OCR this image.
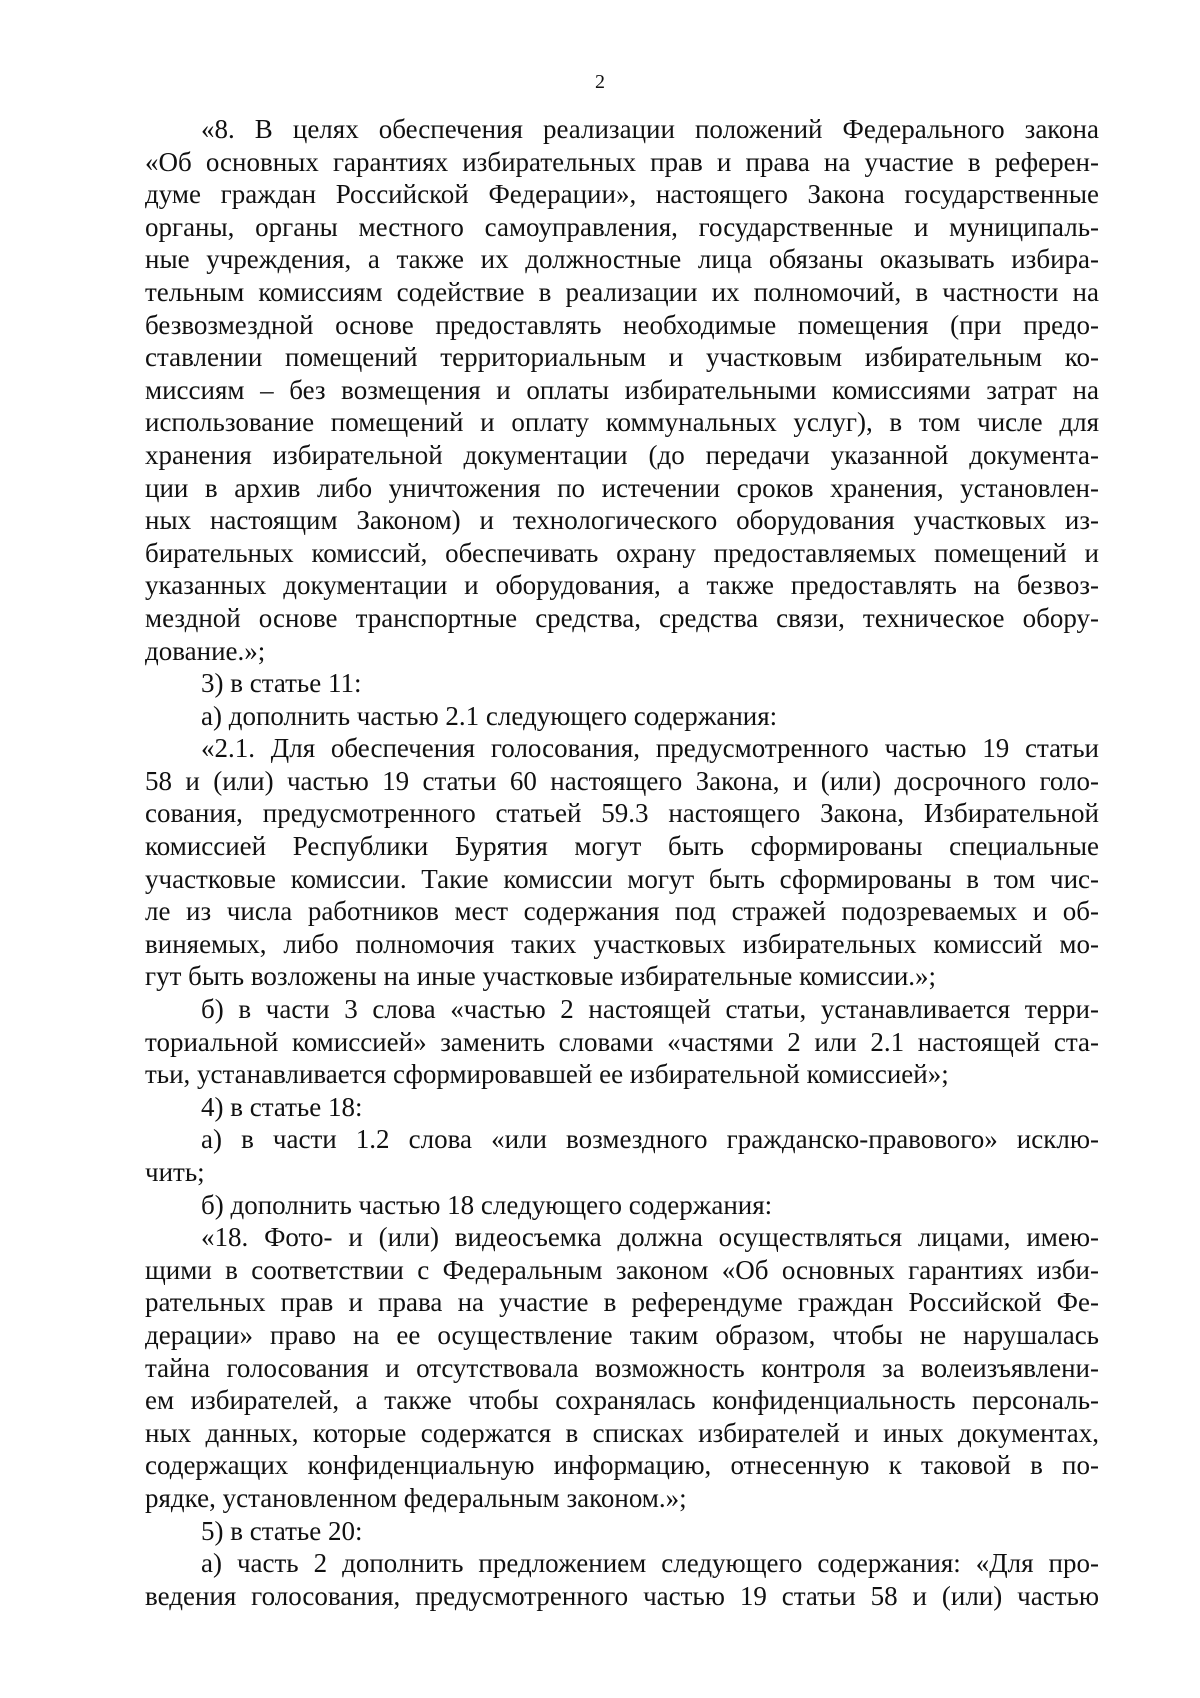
2
«8. В целях обеспечения реализации положений Федерального закона
«Об основных гарантиях избирательных прав и права на участие в референ-
думе граждан Российской Федерации», настоящего Закона государственные
органы, органы местного самоуправления, государственные и муниципаль-
ные учреждения, а также их должностные лица обязаны оказывать избира-
тельным комиссиям содействие в реализации их полномочий, в частности на
безвозмездной основе предоставлять необходимые помещения (при предо-
ставлении помещений территориальным и участковым избирательным ко-
миссиям – без возмещения и оплаты избирательными комиссиями затрат на
использование помещений и оплату коммунальных услуг), в том числе для
хранения избирательной документации (до передачи указанной документа-
ции в архив либо уничтожения по истечении сроков хранения, установлен-
ных настоящим Законом) и технологического оборудования участковых из-
бирательных комиссий, обеспечивать охрану предоставляемых помещений и
указанных документации и оборудования, а также предоставлять на безвоз-
мездной основе транспортные средства, средства связи, техническое обору-
дование.»;
3) в статье 11:
а) дополнить частью 2.1 следующего содержания:
«2.1. Для обеспечения голосования, предусмотренного частью 19 статьи
58 и (или) частью 19 статьи 60 настоящего Закона, и (или) досрочного голо-
сования, предусмотренного статьей 59.3 настоящего Закона, Избирательной
комиссией Республики Бурятия могут быть сформированы специальные
участковые комиссии. Такие комиссии могут быть сформированы в том чис-
ле из числа работников мест содержания под стражей подозреваемых и об-
виняемых, либо полномочия таких участковых избирательных комиссий мо-
гут быть возложены на иные участковые избирательные комиссии.»;
б) в части 3 слова «частью 2 настоящей статьи, устанавливается терри-
ториальной комиссией» заменить словами «частями 2 или 2.1 настоящей ста-
тьи, устанавливается сформировавшей ее избирательной комиссией»;
4) в статье 18:
а) в части 1.2 слова «или возмездного гражданско-правового» исклю-
чить;
б) дополнить частью 18 следующего содержания:
«18. Фото- и (или) видеосъемка должна осуществляться лицами, имею-
щими в соответствии с Федеральным законом «Об основных гарантиях изби-
рательных прав и права на участие в референдуме граждан Российской Фе-
дерации» право на ее осуществление таким образом, чтобы не нарушалась
тайна голосования и отсутствовала возможность контроля за волеизъявлени-
ем избирателей, а также чтобы сохранялась конфиденциальность персональ-
ных данных, которые содержатся в списках избирателей и иных документах,
содержащих конфиденциальную информацию, отнесенную к таковой в по-
рядке, установленном федеральным законом.»;
5) в статье 20:
а) часть 2 дополнить предложением следующего содержания: «Для про-
ведения голосования, предусмотренного частью 19 статьи 58 и (или) частью
